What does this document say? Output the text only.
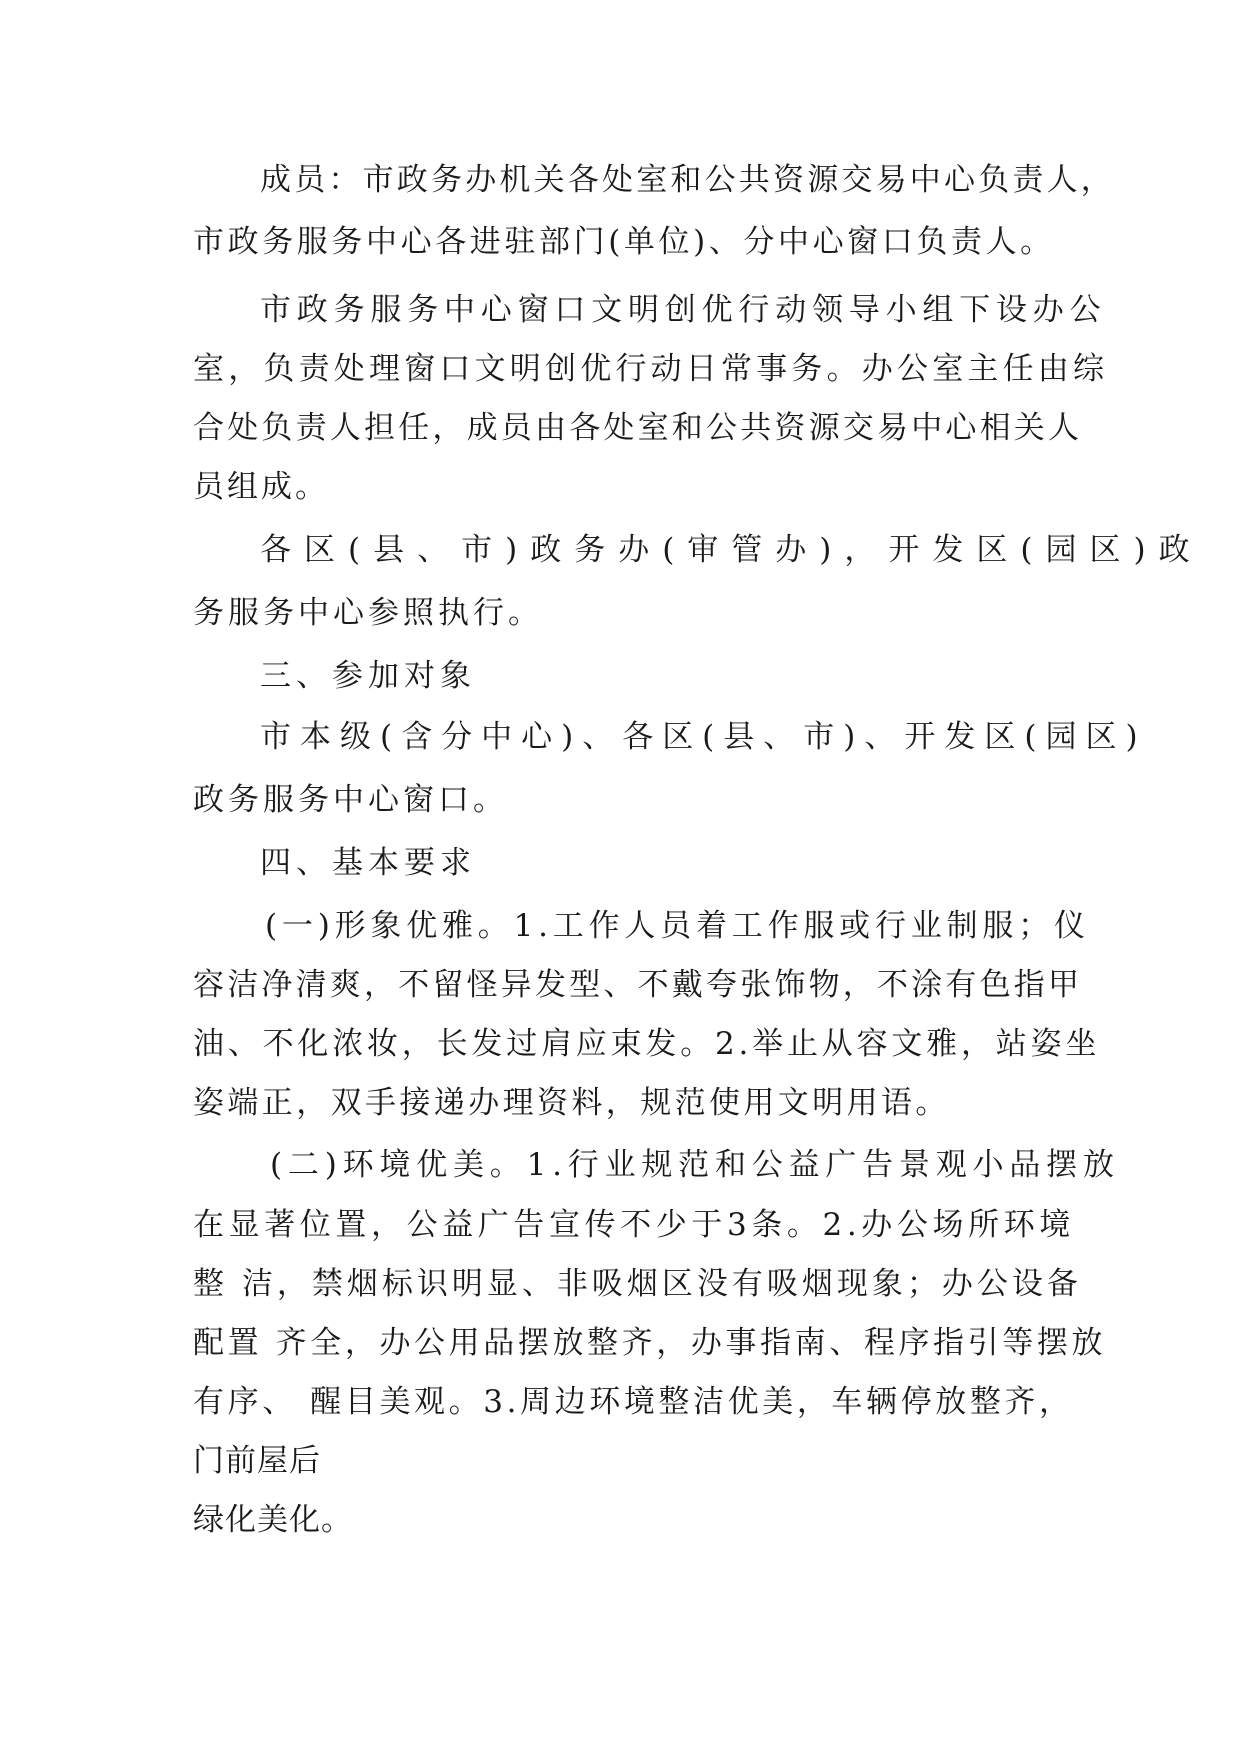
成员：市政务办机关各处室和公共资源交易中心负责人，

市政务服务中心各进驻部门(单位)、分中心窗口负责人。

市政务服务中心窗口文明创优行动领导小组下设办公

室，负责处理窗口文明创优行动日常事务。办公室主任由综

合处负责人担任，成员由各处室和公共资源交易中心相关人

员组成。

各区(县、市)政务办(审管办)，开发区(园区)政

务服务中心参照执行。

三、参加对象

市本级(含分中心)、各区(县、市)、开发区(园区)

政务服务中心窗口。

四、基本要求

(一)形象优雅。1.工作人员着工作服或行业制服；仪

容洁净清爽，不留怪异发型、不戴夸张饰物，不涂有色指甲

油、不化浓妆，长发过肩应束发。2.举止从容文雅，站姿坐

姿端正，双手接递办理资料，规范使用文明用语。

(二)环境优美。1.行业规范和公益广告景观小品摆放

在显著位置，公益广告宣传不少于3条。2.办公场所环境

整 洁，禁烟标识明显、非吸烟区没有吸烟现象；办公设备

配置 齐全，办公用品摆放整齐，办事指南、程序指引等摆放

有序、 醒目美观。3.周边环境整洁优美，车辆停放整齐，

门前屋后

绿化美化。
